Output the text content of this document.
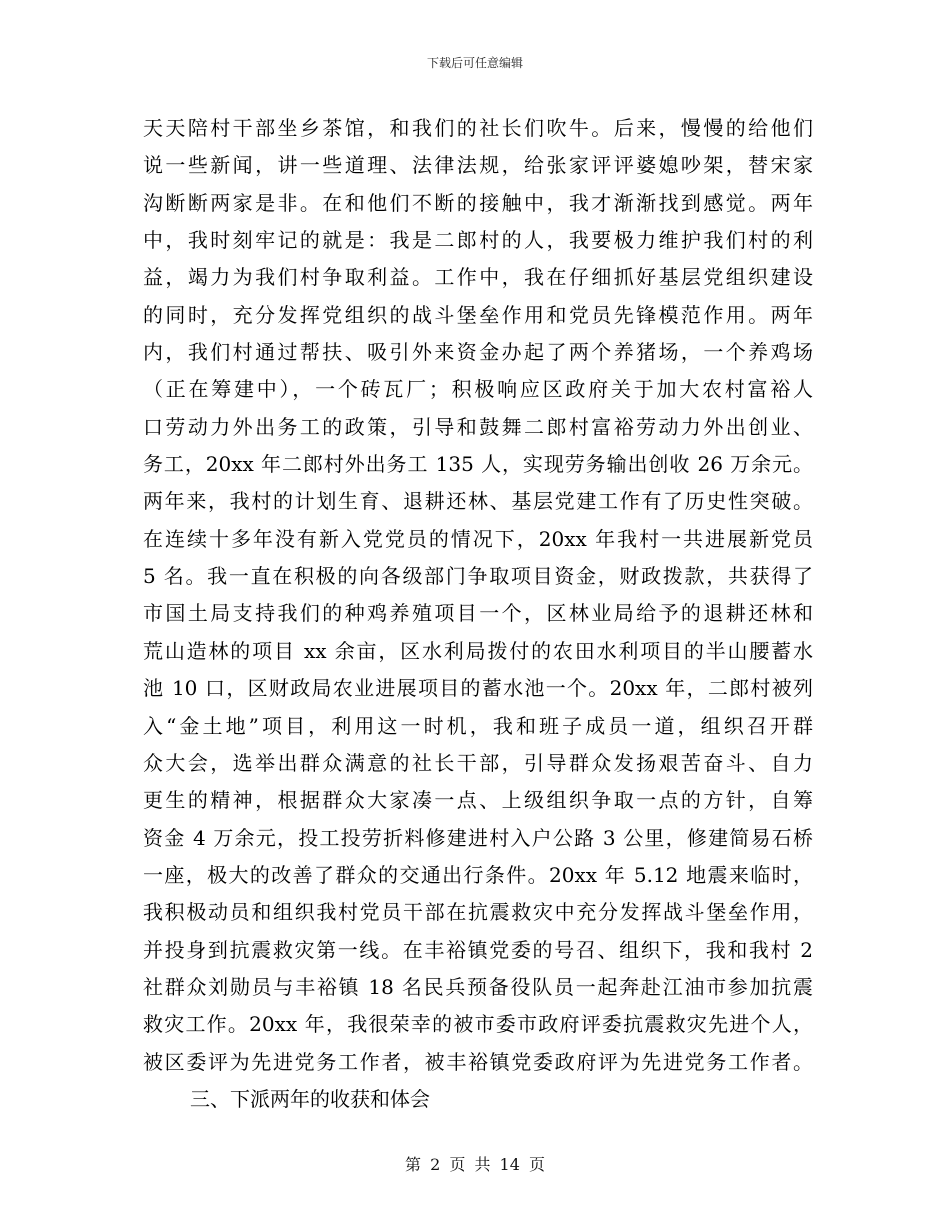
下载后可任意编辑
天天陪村干部坐乡茶馆，和我们的社长们吹牛。后来，慢慢的给他们
说一些新闻，讲一些道理、法律法规，给张家评评婆媳吵架，替宋家
沟断断两家是非。在和他们不断的接触中，我才渐渐找到感觉。两年
中，我时刻牢记的就是：我是二郎村的人，我要极力维护我们村的利
益，竭力为我们村争取利益。工作中，我在仔细抓好基层党组织建设
的同时，充分发挥党组织的战斗堡垒作用和党员先锋模范作用。两年
内，我们村通过帮扶、吸引外来资金办起了两个养猪场，一个养鸡场
（正在筹建中），一个砖瓦厂；积极响应区政府关于加大农村富裕人
口劳动力外出务工的政策，引导和鼓舞二郎村富裕劳动力外出创业、
务工，20xx 年二郎村外出务工 135 人，实现劳务输出创收 26 万余元。
两年来，我村的计划生育、退耕还林、基层党建工作有了历史性突破。
在连续十多年没有新入党党员的情况下，20xx 年我村一共进展新党员
5 名。我一直在积极的向各级部门争取项目资金，财政拨款，共获得了
市国土局支持我们的种鸡养殖项目一个，区林业局给予的退耕还林和
荒山造林的项目 xx 余亩，区水利局拨付的农田水利项目的半山腰蓄水
池 10 口，区财政局农业进展项目的蓄水池一个。20xx 年，二郎村被列
入“金土地”项目，利用这一时机，我和班子成员一道，组织召开群
众大会，选举出群众满意的社长干部，引导群众发扬艰苦奋斗、自力
更生的精神，根据群众大家凑一点、上级组织争取一点的方针，自筹
资金 4 万余元，投工投劳折料修建进村入户公路 3 公里，修建简易石桥
一座，极大的改善了群众的交通出行条件。20xx 年 5.12 地震来临时，
我积极动员和组织我村党员干部在抗震救灾中充分发挥战斗堡垒作用，
并投身到抗震救灾第一线。在丰裕镇党委的号召、组织下，我和我村 2
社群众刘勋员与丰裕镇 18 名民兵预备役队员一起奔赴江油市参加抗震
救灾工作。20xx 年，我很荣幸的被市委市政府评委抗震救灾先进个人，
被区委评为先进党务工作者，被丰裕镇党委政府评为先进党务工作者。
三、下派两年的收获和体会
第 2 页 共 14 页
